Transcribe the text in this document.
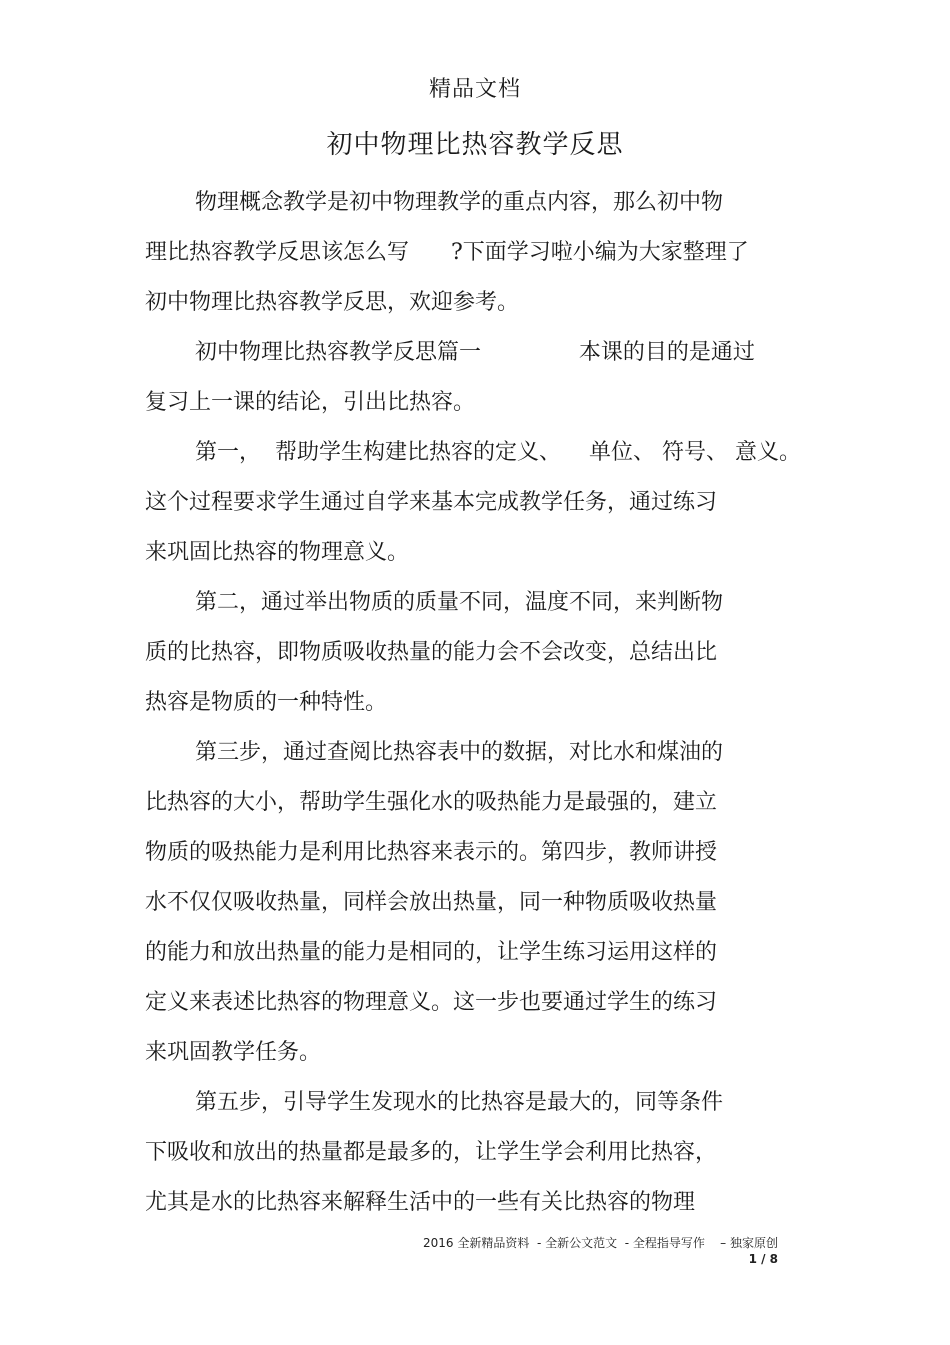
精品文档
初中物理比热容教学反思
物理概念教学是初中物理教学的重点内容，那么初中物
理比热容教学反思该怎么写      ?下面学习啦小编为大家整理了
初中物理比热容教学反思，欢迎参考。
初中物理比热容教学反思篇一              本课的目的是通过
复习上一课的结论，引出比热容。
第一，  帮助学生构建比热容的定义、    单位、 符号、 意义。
这个过程要求学生通过自学来基本完成教学任务，通过练习
来巩固比热容的物理意义。
第二，通过举出物质的质量不同，温度不同，来判断物
质的比热容，即物质吸收热量的能力会不会改变，总结出比
热容是物质的一种特性。
第三步，通过查阅比热容表中的数据，对比水和煤油的
比热容的大小，帮助学生强化水的吸热能力是最强的，建立
物质的吸热能力是利用比热容来表示的。第四步，教师讲授
水不仅仅吸收热量，同样会放出热量，同一种物质吸收热量
的能力和放出热量的能力是相同的，让学生练习运用这样的
定义来表述比热容的物理意义。这一步也要通过学生的练习
来巩固教学任务。
第五步，引导学生发现水的比热容是最大的，同等条件
下吸收和放出的热量都是最多的，让学生学会利用比热容，
尤其是水的比热容来解释生活中的一些有关比热容的物理
2016 全新精品资料  - 全新公文范文  - 全程指导写作    – 独家原创
1 / 8
